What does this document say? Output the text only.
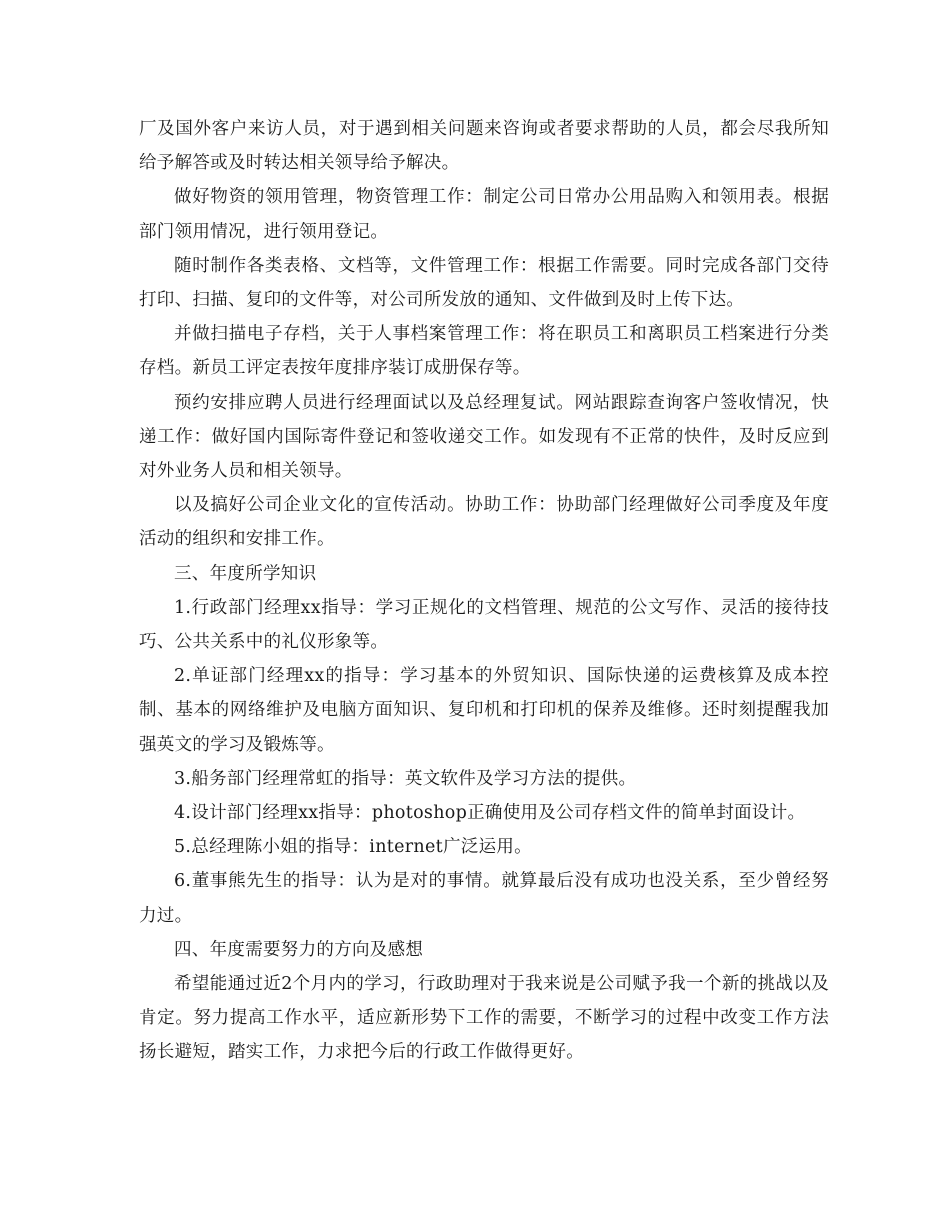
厂及国外客户来访人员，对于遇到相关问题来咨询或者要求帮助的人员，都会尽我所知给予解答或及时转达相关领导给予解决。

做好物资的领用管理，物资管理工作：制定公司日常办公用品购入和领用表。根据部门领用情况，进行领用登记。

随时制作各类表格、文档等，文件管理工作：根据工作需要。同时完成各部门交待打印、扫描、复印的文件等，对公司所发放的通知、文件做到及时上传下达。

并做扫描电子存档，关于人事档案管理工作：将在职员工和离职员工档案进行分类存档。新员工评定表按年度排序装订成册保存等。

预约安排应聘人员进行经理面试以及总经理复试。网站跟踪查询客户签收情况，快递工作：做好国内国际寄件登记和签收递交工作。如发现有不正常的快件，及时反应到对外业务人员和相关领导。

以及搞好公司企业文化的宣传活动。协助工作：协助部门经理做好公司季度及年度活动的组织和安排工作。

三、年度所学知识

1.行政部门经理xx指导：学习正规化的文档管理、规范的公文写作、灵活的接待技巧、公共关系中的礼仪形象等。

2.单证部门经理xx的指导：学习基本的外贸知识、国际快递的运费核算及成本控制、基本的网络维护及电脑方面知识、复印机和打印机的保养及维修。还时刻提醒我加强英文的学习及锻炼等。

3.船务部门经理常虹的指导：英文软件及学习方法的提供。

4.设计部门经理xx指导：photoshop正确使用及公司存档文件的简单封面设计。

5.总经理陈小姐的指导：internet广泛运用。

6.董事熊先生的指导：认为是对的事情。就算最后没有成功也没关系，至少曾经努力过。

四、年度需要努力的方向及感想

希望能通过近2个月内的学习，行政助理对于我来说是公司赋予我一个新的挑战以及肯定。努力提高工作水平，适应新形势下工作的需要，不断学习的过程中改变工作方法扬长避短，踏实工作，力求把今后的行政工作做得更好。
